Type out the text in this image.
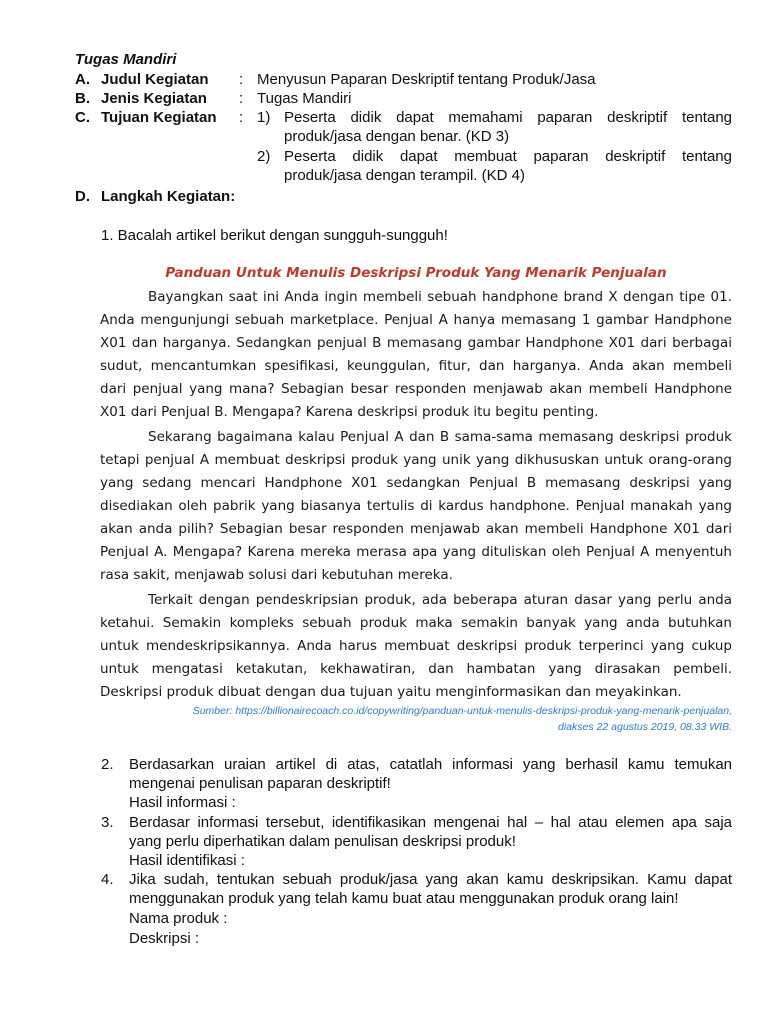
Tugas Mandiri
A. Judul Kegiatan : Menyusun Paparan Deskriptif tentang Produk/Jasa
B. Jenis Kegiatan : Tugas Mandiri
C. Tujuan Kegiatan : 1) Peserta didik dapat memahami paparan deskriptif tentang
produk/jasa dengan benar. (KD 3)
2) Peserta didik dapat membuat paparan deskriptif tentang
produk/jasa dengan terampil. (KD 4)
D. Langkah Kegiatan:
1. Bacalah artikel berikut dengan sungguh-sungguh!
Panduan Untuk Menulis Deskripsi Produk Yang Menarik Penjualan
Bayangkan saat ini Anda ingin membeli sebuah handphone brand X dengan tipe 01.
Anda mengunjungi sebuah marketplace. Penjual A hanya memasang 1 gambar Handphone
X01 dan harganya. Sedangkan penjual B memasang gambar Handphone X01 dari berbagai
sudut, mencantumkan spesifikasi, keunggulan, fitur, dan harganya. Anda akan membeli
dari penjual yang mana? Sebagian besar responden menjawab akan membeli Handphone
X01 dari Penjual B. Mengapa? Karena deskripsi produk itu begitu penting.
Sekarang bagaimana kalau Penjual A dan B sama-sama memasang deskripsi produk
tetapi penjual A membuat deskripsi produk yang unik yang dikhususkan untuk orang-orang
yang sedang mencari Handphone X01 sedangkan Penjual B memasang deskripsi yang
disediakan oleh pabrik yang biasanya tertulis di kardus handphone. Penjual manakah yang
akan anda pilih? Sebagian besar responden menjawab akan membeli Handphone X01 dari
Penjual A. Mengapa? Karena mereka merasa apa yang dituliskan oleh Penjual A menyentuh
rasa sakit, menjawab solusi dari kebutuhan mereka.
Terkait dengan pendeskripsian produk, ada beberapa aturan dasar yang perlu anda
ketahui. Semakin kompleks sebuah produk maka semakin banyak yang anda butuhkan
untuk mendeskripsikannya. Anda harus membuat deskripsi produk terperinci yang cukup
untuk mengatasi ketakutan, kekhawatiran, dan hambatan yang dirasakan pembeli.
Deskripsi produk dibuat dengan dua tujuan yaitu menginformasikan dan meyakinkan.
Sumber: https://billionairecoach.co.id/copywriting/panduan-untuk-menulis-deskripsi-produk-yang-menarik-penjualan,
diakses 22 agustus 2019, 08.33 WIB.
2. Berdasarkan uraian artikel di atas, catatlah informasi yang berhasil kamu temukan
mengenai penulisan paparan deskriptif!
Hasil informasi :
3. Berdasar informasi tersebut, identifikasikan mengenai hal – hal atau elemen apa saja
yang perlu diperhatikan dalam penulisan deskripsi produk!
Hasil identifikasi :
4. Jika sudah, tentukan sebuah produk/jasa yang akan kamu deskripsikan. Kamu dapat
menggunakan produk yang telah kamu buat atau menggunakan produk orang lain!
Nama produk :
Deskripsi :
